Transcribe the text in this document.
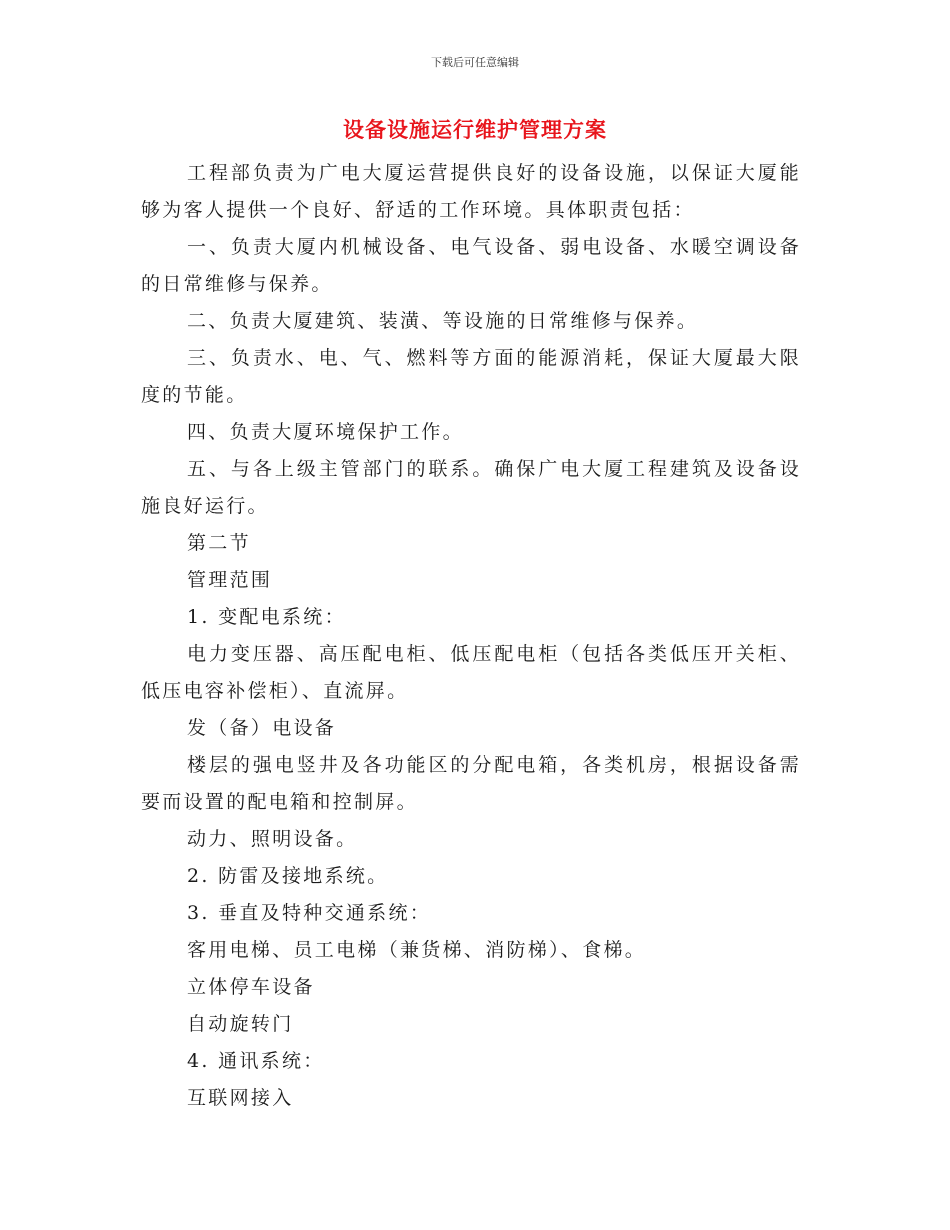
下载后可任意编辑
设备设施运行维护管理方案

工程部负责为广电大厦运营提供良好的设备设施，以保证大厦能够为客人提供一个良好、舒适的工作环境。具体职责包括：

一、负责大厦内机械设备、电气设备、弱电设备、水暖空调设备的日常维修与保养。

二、负责大厦建筑、装潢、等设施的日常维修与保养。

三、负责水、电、气、燃料等方面的能源消耗，保证大厦最大限度的节能。

四、负责大厦环境保护工作。

五、与各上级主管部门的联系。确保广电大厦工程建筑及设备设施良好运行。

第二节

管理范围

1. 变配电系统：

电力变压器、高压配电柜、低压配电柜（包括各类低压开关柜、低压电容补偿柜）、直流屏。

发（备）电设备

楼层的强电竖井及各功能区的分配电箱，各类机房，根据设备需要而设置的配电箱和控制屏。

动力、照明设备。

2. 防雷及接地系统。

3. 垂直及特种交通系统：

客用电梯、员工电梯（兼货梯、消防梯）、食梯。

立体停车设备

自动旋转门

4. 通讯系统：

互联网接入
